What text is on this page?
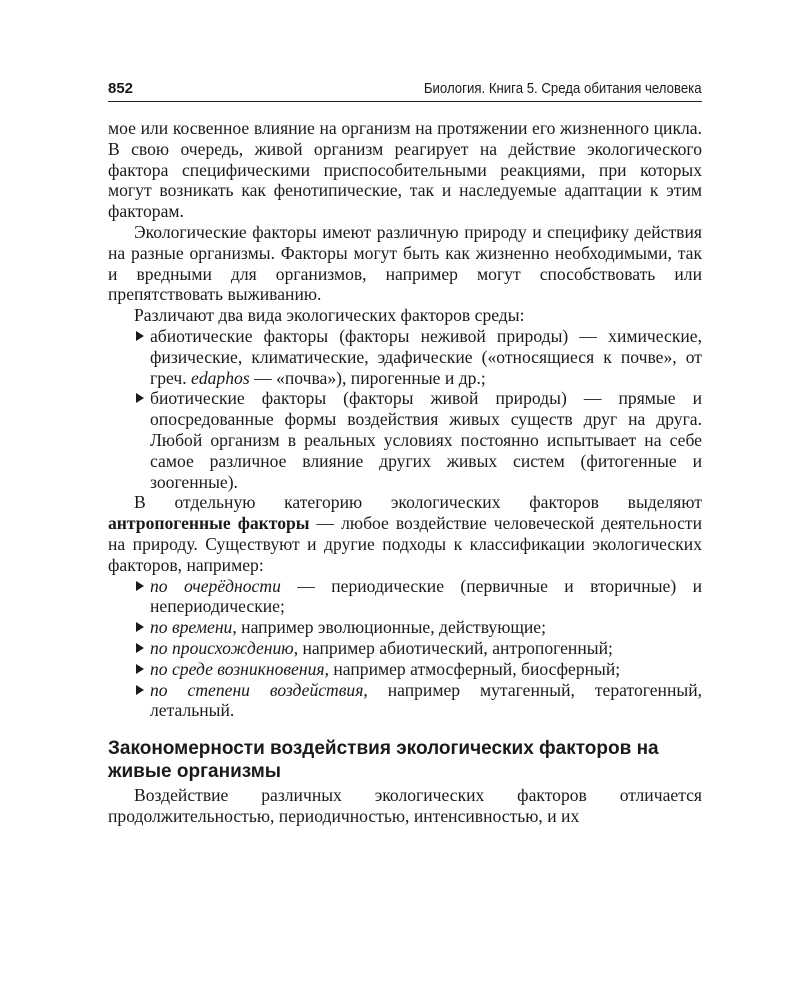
852	Биология. Книга 5. Среда обитания человека

мое или косвенное влияние на организм на протяжении его жизненного цикла. В свою очередь, живой организм реагирует на действие экологического фактора специфическими приспособительными реакциями, при которых могут возникать как фенотипические, так и наследуемые адаптации к этим факторам.

Экологические факторы имеют различную природу и специфику действия на разные организмы. Факторы могут быть как жизненно необходимыми, так и вредными для организмов, например могут способствовать или препятствовать выживанию.

Различают два вида экологических факторов среды:

абиотические факторы (факторы неживой природы) — химические, физические, климатические, эдафические («относящиеся к почве», от греч. edaphos — «почва»), пирогенные и др.;
биотические факторы (факторы живой природы) — прямые и опосредованные формы воздействия живых существ друг на друга. Любой организм в реальных условиях постоянно испытывает на себе самое различное влияние других живых систем (фитогенные и зоогенные).

В отдельную категорию экологических факторов выделяют антропогенные факторы — любое воздействие человеческой деятельности на природу. Существуют и другие подходы к классификации экологических факторов, например:

по очерёдности — периодические (первичные и вторичные) и непериодические;
по времени, например эволюционные, действующие;
по происхождению, например абиотический, антропогенный;
по среде возникновения, например атмосферный, биосферный;
по степени воздействия, например мутагенный, тератогенный, летальный.
Закономерности воздействия экологических факторов на живые организмы

Воздействие различных экологических факторов отличается продолжительностью, периодичностью, интенсивностью, и их
